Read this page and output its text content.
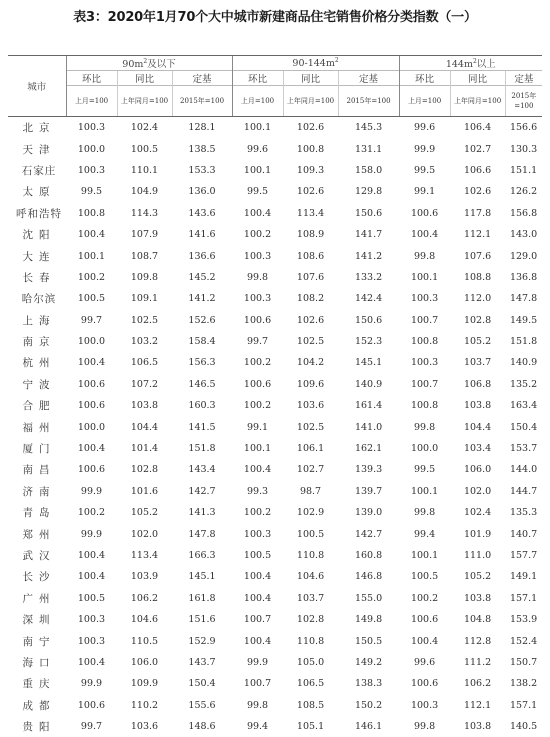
表3：2020年1月70个大中城市新建商品住宅销售价格分类指数（一）
城市	$90m^2$及以下			$90-144m^2$			$144m^2$以上		
	环比	同比	定基	环比	同比	定基	环比	同比	定基
	上月=100	上年同月=100	2015年=100	上月=100	上年同月=100	2015年=100	上月=100	上年同月=100	2015年=100
北京	100.3	102.4	128.1	100.1	102.6	145.3	99.6	106.4	156.6
天津	100.0	100.5	138.5	99.6	100.8	131.1	99.9	102.7	130.3
石家庄	100.3	110.1	153.3	100.1	109.3	158.0	99.5	106.6	151.1
太原	99.5	104.9	136.0	99.5	102.6	129.8	99.1	102.6	126.2
呼和浩特	100.8	114.3	143.6	100.4	113.4	150.6	100.6	117.8	156.8
沈阳	100.4	107.9	141.6	100.2	108.9	141.7	100.4	112.1	143.0
大连	100.1	108.7	136.6	100.3	108.6	141.2	99.8	107.6	129.0
长春	100.2	109.8	145.2	99.8	107.6	133.2	100.1	108.8	136.8
哈尔滨	100.5	109.1	141.2	100.3	108.2	142.4	100.3	112.0	147.8
上海	99.7	102.5	152.6	100.6	102.6	150.6	100.7	102.8	149.5
南京	100.0	103.2	158.4	99.7	102.5	152.3	100.8	105.2	151.8
杭州	100.4	106.5	156.3	100.2	104.2	145.1	100.3	103.7	140.9
宁波	100.6	107.2	146.5	100.6	109.6	140.9	100.7	106.8	135.2
合肥	100.6	103.8	160.3	100.2	103.6	161.4	100.8	103.8	163.4
福州	100.0	104.4	141.5	99.1	102.5	141.0	99.8	104.4	150.4
厦门	100.4	101.4	151.8	100.1	106.1	162.1	100.0	103.4	153.7
南昌	100.6	102.8	143.4	100.4	102.7	139.3	99.5	106.0	144.0
济南	99.9	101.6	142.7	99.3	98.7	139.7	100.1	102.0	144.7
青岛	100.2	105.2	141.3	100.2	102.9	139.0	99.8	102.4	135.3
郑州	99.9	102.0	147.8	100.3	100.5	142.7	99.4	101.9	140.7
武汉	100.4	113.4	166.3	100.5	110.8	160.8	100.1	111.0	157.7
长沙	100.4	103.9	145.1	100.4	104.6	146.8	100.5	105.2	149.1
广州	100.5	106.2	161.8	100.4	103.7	155.0	100.2	103.8	157.1
深圳	100.3	104.6	151.6	100.7	102.8	149.8	100.6	104.8	153.9
南宁	100.3	110.5	152.9	100.4	110.8	150.5	100.4	112.8	152.4
海口	100.4	106.0	143.7	99.9	105.0	149.2	99.6	111.2	150.7
重庆	99.9	109.9	150.4	100.7	106.5	138.3	100.6	106.2	138.2
成都	100.6	110.2	155.6	99.8	108.5	150.2	100.3	112.1	157.1
贵阳	99.7	103.6	148.6	99.4	105.1	146.1	99.8	103.8	140.5
